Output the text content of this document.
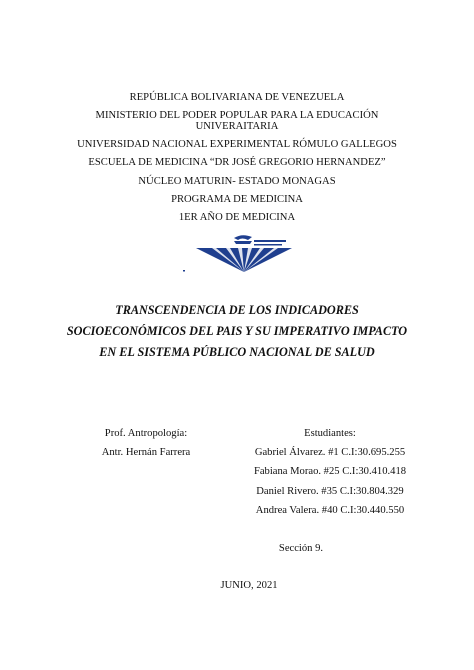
REPÚBLICA BOLIVARIANA DE VENEZUELA
MINISTERIO DEL PODER POPULAR PARA LA EDUCACIÓN
UNIVERAITARIA
UNIVERSIDAD NACIONAL EXPERIMENTAL RÓMULO GALLEGOS
ESCUELA DE MEDICINA “DR JOSÉ GREGORIO HERNANDEZ”
NÚCLEO MATURIN- ESTADO MONAGAS
PROGRAMA DE MEDICINA
1ER AÑO DE MEDICINA
TRANSCENDENCIA DE LOS INDICADORES
SOCIOECONÓMICOS DEL PAIS Y SU IMPERATIVO IMPACTO
EN EL SISTEMA PÚBLICO NACIONAL DE SALUD
Prof. Antropología:
Antr. Hernán Farrera
Estudiantes:
Gabriel Álvarez. #1 C.I:30.695.255
Fabiana Morao. #25 C.I:30.410.418
Daniel Rivero. #35 C.I:30.804.329
Andrea Valera. #40 C.I:30.440.550
Sección 9.
JUNIO, 2021
